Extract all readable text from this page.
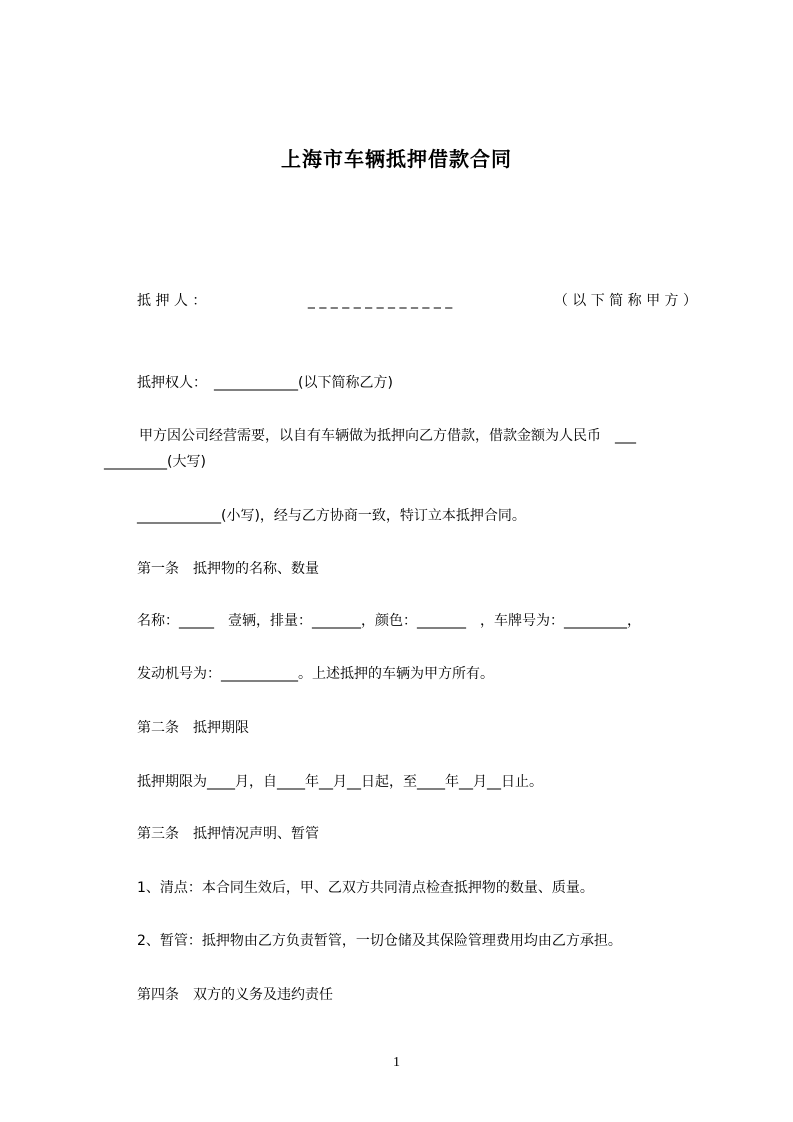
上海市车辆抵押借款合同
抵 押 人 ：	_ _ _ _ _ _ _ _ _ _ _ _ _	（ 以 下 简 称 甲 方 ）
抵押权人：　____________(以下简称乙方)
甲方因公司经营需要，以自有车辆做为抵押向乙方借款，借款金额为人民币　___
_________(大写)
____________(小写)，经与乙方协商一致，特订立本抵押合同。
第一条　抵押物的名称、数量
名称：_____　壹辆，排量：_______，颜色：_______　，车牌号为：_________，
发动机号为：___________。上述抵押的车辆为甲方所有。
第二条　抵押期限
抵押期限为____月，自____年__月__日起，至____年__月__日止。
第三条　抵押情况声明、暂管
1、清点：本合同生效后，甲、乙双方共同清点检查抵押物的数量、质量。
2、暂管：抵押物由乙方负责暂管，一切仓储及其保险管理费用均由乙方承担。
第四条　双方的义务及违约责任
1
